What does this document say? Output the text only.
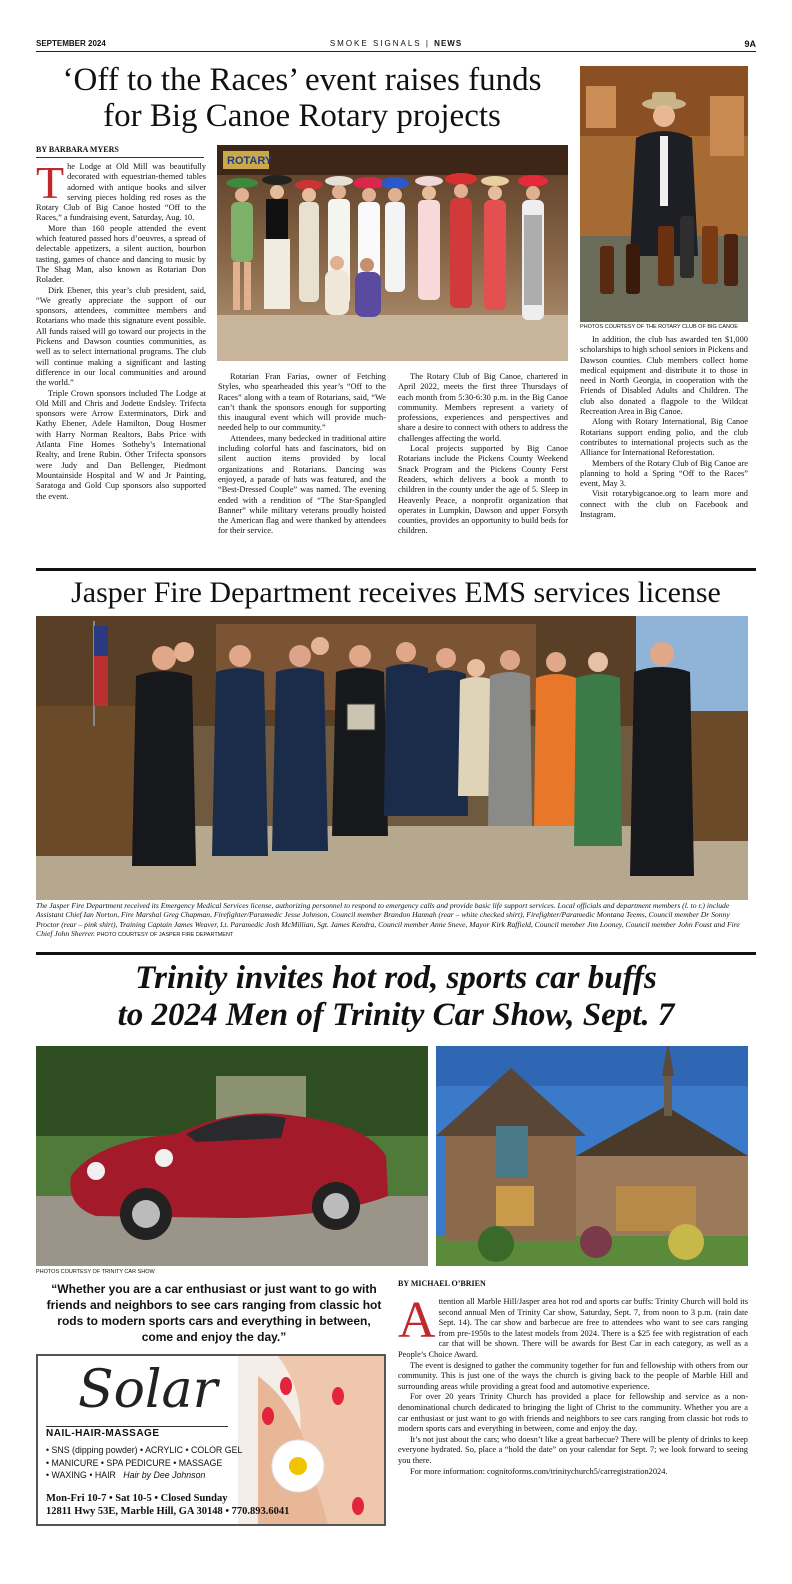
SEPTEMBER 2024	SMOKE SIGNALS | NEWS	9A
‘Off to the Races’ event raises funds
for Big Canoe Rotary projects
BY BARBARA MYERS
T he Lodge at Old Mill was beautifully decorated with equestrian-themed tables adorned with antique books and silver serving pieces holding red roses as the Rotary Club of Big Canoe hosted “Off to the Races,” a fundraising event, Saturday, Aug. 10.

More than 160 people attended the event which featured passed hors d’oeuvres, a spread of delectable appetizers, a silent auction, bourbon tasting, games of chance and dancing to music by The Shag Man, also known as Rotarian Don Rolader.

Dirk Ebener, this year’s club president, said, “We greatly appreciate the support of our sponsors, attendees, committee members and Rotarians who made this signature event possible. All funds raised will go toward our projects in the Pickens and Dawson counties communities, as well as to select international programs. The club will continue making a significant and lasting difference in our local communities and around the world.”

Triple Crown sponsors included The Lodge at Old Mill and Chris and Jodette Endsley. Trifecta sponsors were Arrow Exterminators, Dirk and Kathy Ebener, Adele Hamilton, Doug Hosmer with Harry Norman Realtors, Babs Price with Atlanta Fine Homes Sotheby’s International Realty, and Irene Rubin. Other Trifecta sponsors were Judy and Dan Bellenger, Piedmont Mountainside Hospital and W and Jr Painting, Saratoga and Gold Cup sponsors also supported the event.

ROTARY

Rotarian Fran Farias, owner of Fetching Styles, who spearheaded this year’s “Off to the Races” along with a team of Rotarians, said, “We can’t thank the sponsors enough for supporting this inaugural event which will provide much-needed help to our community.”

Attendees, many bedecked in traditional attire including colorful hats and fascinators, bid on silent auction items provided by local organizations and Rotarians. Dancing was enjoyed, a parade of hats was featured, and the “Best-Dressed Couple” was named. The evening ended with a rendition of “The Star-Spangled Banner” while military veterans proudly hoisted the American flag and were thanked by attendees for their service.

The Rotary Club of Big Canoe, chartered in April 2022, meets the first three Thursdays of each month from 5:30-6:30 p.m. in the Big Canoe community. Members represent a variety of professions, experiences and perspectives and share a desire to connect with others to address the challenges affecting the world.

Local projects supported by Big Canoe Rotarians include the Pickens County Weekend Snack Program and the Pickens County Ferst Readers, which delivers a book a month to children in the county under the age of 5. Sleep in Heavenly Peace, a nonprofit organization that operates in Lumpkin, Dawson and upper Forsyth counties, provides an opportunity to build beds for children.

PHOTOS COURTESY OF THE ROTARY CLUB OF BIG CANOE

In addition, the club has awarded ten $1,000 scholarships to high school seniors in Pickens and Dawson counties. Club members collect home medical equipment and distribute it to those in need in North Georgia, in cooperation with the Friends of Disabled Adults and Children. The club also donated a flagpole to the Wildcat Recreation Area in Big Canoe.

Along with Rotary International, Big Canoe Rotarians support ending polio, and the club contributes to international projects such as the Alliance for International Reforestation.

Members of the Rotary Club of Big Canoe are planning to hold a Spring “Off to the Races” event, May 3.

Visit rotarybigcanoe.org to learn more and connect with the club on Facebook and Instagram.

Jasper Fire Department receives EMS services license
The Jasper Fire Department received its Emergency Medical Services license, authorizing personnel to respond to emergency calls and provide basic life support services. Local officials and department members (l. to r.) include Assistant Chief Ian Norton, Fire Marshal Greg Chapman, Firefighter/Paramedic Jesse Johnson, Council member Brandon Hannah (rear – white checked shirt), Firefighter/Paramedic Montana Teems, Council member Dr Sonny Proctor (rear – pink shirt), Training Captain James Weaver, Lt. Paramedic Josh McMillian, Sgt. James Kendra, Council member Anne Sneve, Mayor Kirk Raffield, Council member Jim Looney, Council member John Foust and Fire Chief John Sherrer. PHOTO COURTESY OF JASPER FIRE DEPARTMENT
Trinity invites hot rod, sports car buffs
to 2024 Men of Trinity Car Show, Sept. 7
PHOTOS COURTESY OF TRINITY CAR SHOW
“Whether you are a car enthusiast or just want to go with friends and neighbors to see cars ranging from classic hot rods to modern sports cars and everything in between, come and enjoy the day.”
Solar
NAIL-HAIR-MASSAGE
• SNS (dipping powder) • ACRYLIC • COLOR GEL
• MANICURE • SPA PEDICURE • MASSAGE
• WAXING • HAIR Hair by Dee Johnson
Mon-Fri 10-7 • Sat 10-5 • Closed Sunday
12811 Hwy 53E, Marble Hill, GA 30148 • 770.893.6041
BY MICHAEL O’BRIEN
A ttention all Marble Hill/Jasper area hot rod and sports car buffs: Trinity Church will hold its second annual Men of Trinity Car show, Saturday, Sept. 7, from noon to 3 p.m. (rain date Sept. 14). The car show and barbecue are free to attendees who want to see cars ranging from pre-1950s to the latest models from 2024. There is a $25 fee with registration of each car that will be shown. There will be awards for Best Car in each category, as well as a People’s Choice Award.

The event is designed to gather the community together for fun and fellowship with others from our community. This is just one of the ways the church is giving back to the people of Marble Hill and surrounding areas while providing a great food and automotive experience.

For over 20 years Trinity Church has provided a place for fellowship and service as a non-denominational church dedicated to bringing the light of Christ to the community. Whether you are a car enthusiast or just want to go with friends and neighbors to see cars ranging from classic hot rods to modern sports cars and everything in between, come and enjoy the day.

It’s not just about the cars; who doesn’t like a great barbecue? There will be plenty of drinks to keep everyone hydrated. So, place a “hold the date” on your calendar for Sept. 7; we look forward to seeing you there.

For more information: cognitoforms.com/trinitychurch5/carregistration2024.
